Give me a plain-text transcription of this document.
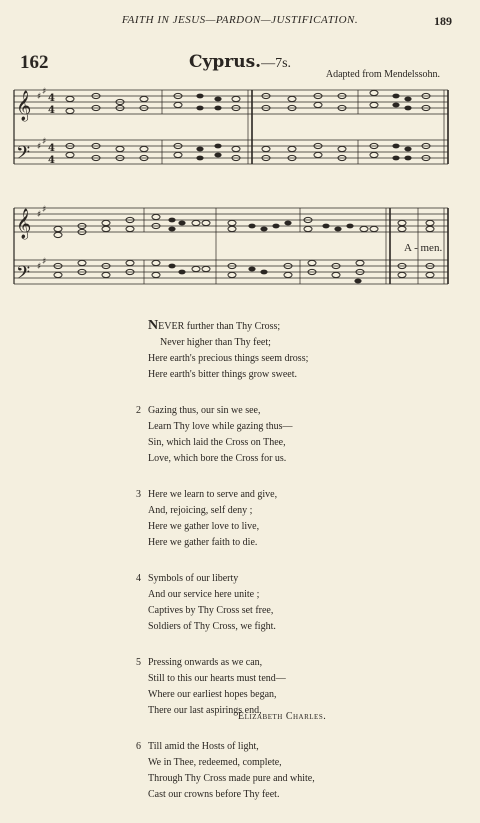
FAITH IN JESUS—PARDON—JUSTIFICATION.	189
162	Cyprus.—7s.
Adapted from Mendelssohn.
𝄞
𝄢
♯ ♯
♯ ♯
4
4
4
4
𝄞
𝄢
♯ ♯
♯ ♯
A - men.
NEVER further than Thy Cross;
Never higher than Thy feet;
Here earth's precious things seem dross;
Here earth's bitter things grow sweet.
2 Gazing thus, our sin we see,
Learn Thy love while gazing thus—
Sin, which laid the Cross on Thee,
Love, which bore the Cross for us.
3 Here we learn to serve and give,
And, rejoicing, self deny ;
Here we gather love to live,
Here we gather faith to die.
4 Symbols of our liberty
And our service here unite ;
Captives by Thy Cross set free,
Soldiers of Thy Cross, we fight.
5 Pressing onwards as we can,
Still to this our hearts must tend—
Where our earliest hopes began,
There our last aspirings end,
6 Till amid the Hosts of light,
We in Thee, redeemed, complete,
Through Thy Cross made pure and white,
Cast our crowns before Thy feet.
Elizabeth Charles.
